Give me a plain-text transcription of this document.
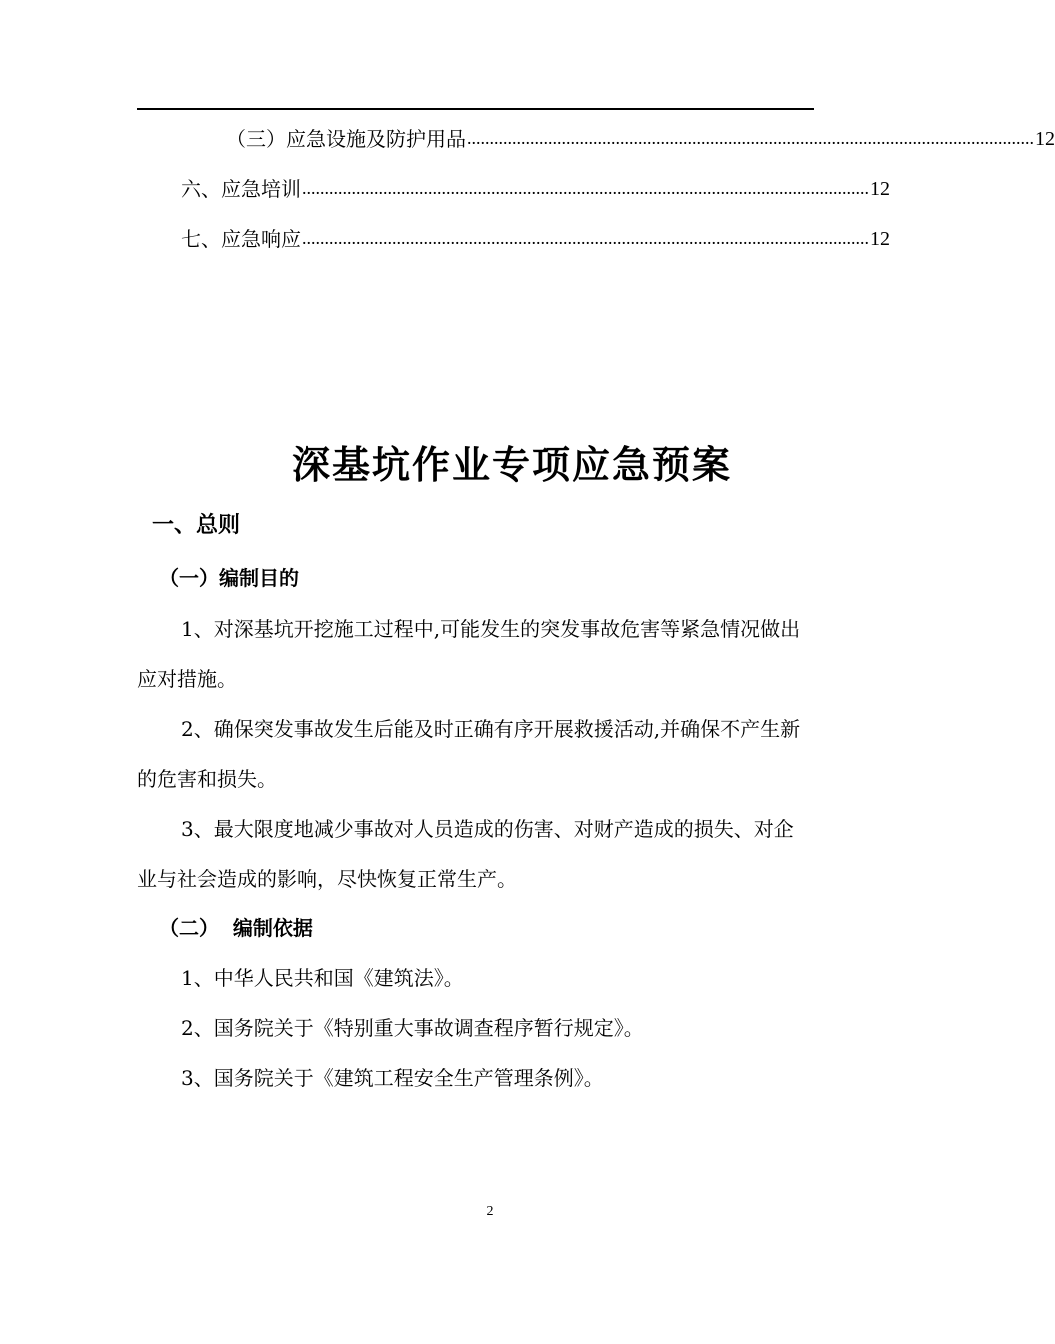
（三）应急设施及防护用品 .............................................................................................................................. 12
六、应急培训 .............................................................................................................................. 12
七、应急响应 .............................................................................................................................. 12
深基坑作业专项应急预案
一、总则
（一）编制目的

1、对深基坑开挖施工过程中,可能发生的突发事故危害等紧急情况做出应对措施。

2、确保突发事故发生后能及时正确有序开展救援活动,并确保不产生新的危害和损失。

3、最大限度地减少事故对人员造成的伤害、对财产造成的损失、对企业与社会造成的影响，尽快恢复正常生产。

（二）  编制依据

1、中华人民共和国《建筑法》。

2、国务院关于《特别重大事故调查程序暂行规定》。

3、国务院关于《建筑工程安全生产管理条例》。

2
